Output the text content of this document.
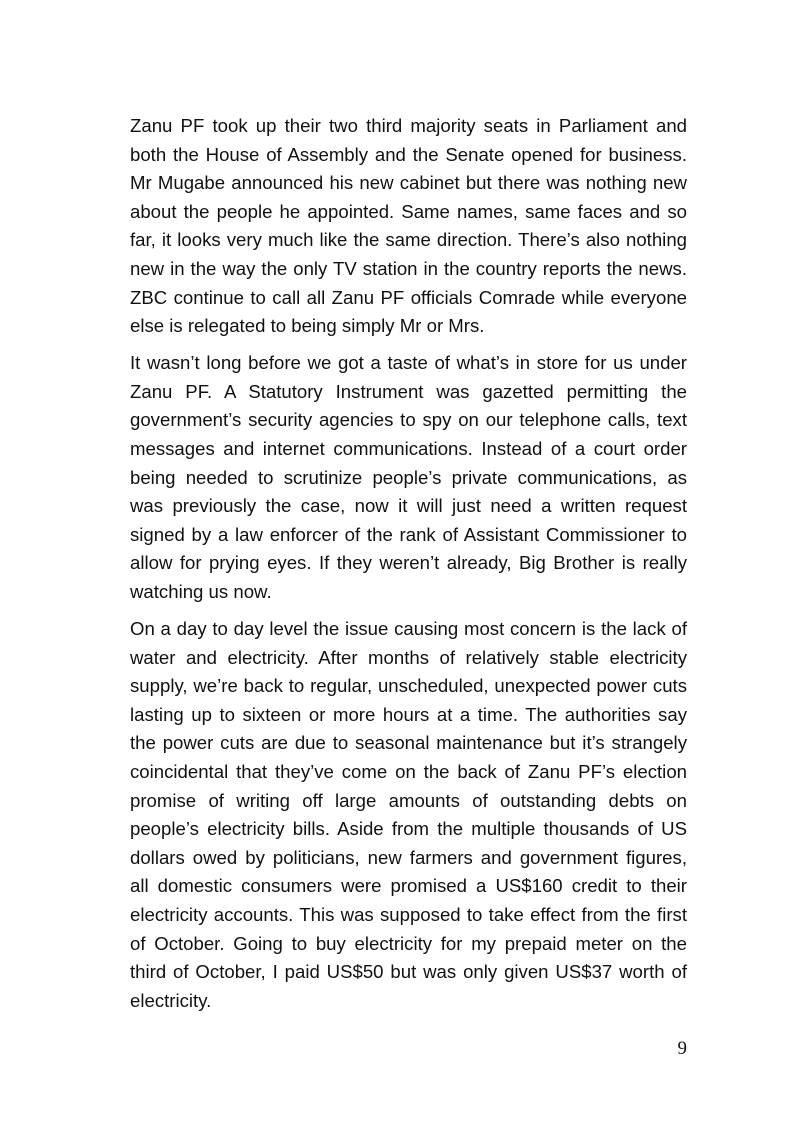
Zanu PF took up their two third majority seats in Parliament and both the House of Assembly and the Senate opened for business. Mr Mugabe announced his new cabinet but there was nothing new about the people he appointed. Same names, same faces and so far, it looks very much like the same direction. There’s also nothing new in the way the only TV station in the country reports the news. ZBC continue to call all Zanu PF officials Comrade while everyone else is relegated to being simply Mr or Mrs.

It wasn’t long before we got a taste of what’s in store for us under Zanu PF. A Statutory Instrument was gazetted permitting the government’s security agencies to spy on our telephone calls, text messages and internet communications. Instead of a court order being needed to scrutinize people’s private communications, as was previously the case, now it will just need a written request signed by a law enforcer of the rank of Assistant Commissioner to allow for prying eyes. If they weren’t already, Big Brother is really watching us now.

On a day to day level the issue causing most concern is the lack of water and electricity. After months of relatively stable electricity supply, we’re back to regular, unscheduled, unexpected power cuts lasting up to sixteen or more hours at a time. The authorities say the power cuts are due to seasonal maintenance but it’s strangely coincidental that they’ve come on the back of Zanu PF’s election promise of writing off large amounts of outstanding debts on people’s electricity bills. Aside from the multiple thousands of US dollars owed by politicians, new farmers and government figures, all domestic consumers were promised a US$160 credit to their electricity accounts. This was supposed to take effect from the first of October. Going to buy electricity for my prepaid meter on the third of October, I paid US$50 but was only given US$37 worth of electricity.

9
